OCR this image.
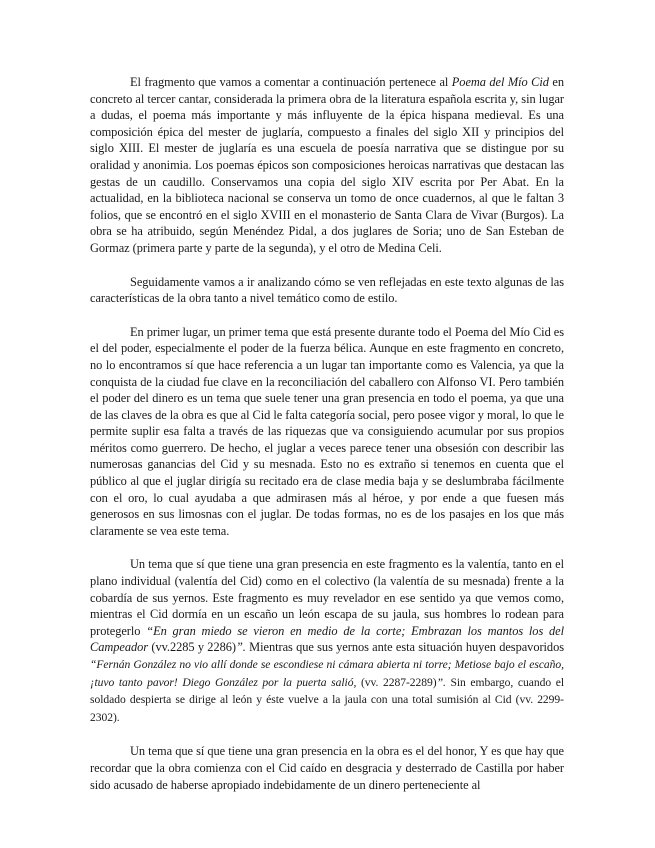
El fragmento que vamos a comentar a continuación pertenece al Poema del Mío Cid en concreto al tercer cantar, considerada la primera obra de la literatura española escrita y, sin lugar a dudas, el poema más importante y más influyente de la épica hispana medieval. Es una composición épica del mester de juglaría, compuesto a finales del siglo XII y principios del siglo XIII. El mester de juglaría es una escuela de poesía narrativa que se distingue por su oralidad y anonimia. Los poemas épicos son composiciones heroicas narrativas que destacan las gestas de un caudillo. Conservamos una copia del siglo XIV escrita por Per Abat. En la actualidad, en la biblioteca nacional se conserva un tomo de once cuadernos, al que le faltan 3 folios, que se encontró en el siglo XVIII en el monasterio de Santa Clara de Vivar (Burgos). La obra se ha atribuido, según Menéndez Pidal, a dos juglares de Soria; uno de San Esteban de Gormaz (primera parte y parte de la segunda), y el otro de Medina Celi.

Seguidamente vamos a ir analizando cómo se ven reflejadas en este texto algunas de las características de la obra tanto a nivel temático como de estilo.

En primer lugar, un primer tema que está presente durante todo el Poema del Mío Cid es el del poder, especialmente el poder de la fuerza bélica. Aunque en este fragmento en concreto, no lo encontramos sí que hace referencia a un lugar tan importante como es Valencia, ya que la conquista de la ciudad fue clave en la reconciliación del caballero con Alfonso VI. Pero también el poder del dinero es un tema que suele tener una gran presencia en todo el poema, ya que una de las claves de la obra es que al Cid le falta categoría social, pero posee vigor y moral, lo que le permite suplir esa falta a través de las riquezas que va consiguiendo acumular por sus propios méritos como guerrero. De hecho, el juglar a veces parece tener una obsesión con describir las numerosas ganancias del Cid y su mesnada. Esto no es extraño si tenemos en cuenta que el público al que el juglar dirigía su recitado era de clase media baja y se deslumbraba fácilmente con el oro, lo cual ayudaba a que admirasen más al héroe, y por ende a que fuesen más generosos en sus limosnas con el juglar. De todas formas, no es de los pasajes en los que más claramente se vea este tema.

Un tema que sí que tiene una gran presencia en este fragmento es la valentía, tanto en el plano individual (valentía del Cid) como en el colectivo (la valentía de su mesnada) frente a la cobardía de sus yernos. Este fragmento es muy revelador en ese sentido ya que vemos como, mientras el Cid dormía en un escaño un león escapa de su jaula, sus hombres lo rodean para protegerlo “En gran miedo se vieron en medio de la corte; Embrazan los mantos los del Campeador (vv.2285 y 2286)”. Mientras que sus yernos ante esta situación huyen despavoridos “Fernán González no vio allí donde se escondiese ni cámara abierta ni torre; Metiose bajo el escaño, ¡tuvo tanto pavor! Diego González por la puerta salió, (vv. 2287-2289)”. Sin embargo, cuando el soldado despierta se dirige al león y éste vuelve a la jaula con una total sumisión al Cid (vv. 2299-2302).

Un tema que sí que tiene una gran presencia en la obra es el del honor, Y es que hay que recordar que la obra comienza con el Cid caído en desgracia y desterrado de Castilla por haber sido acusado de haberse apropiado indebidamente de un dinero perteneciente al
